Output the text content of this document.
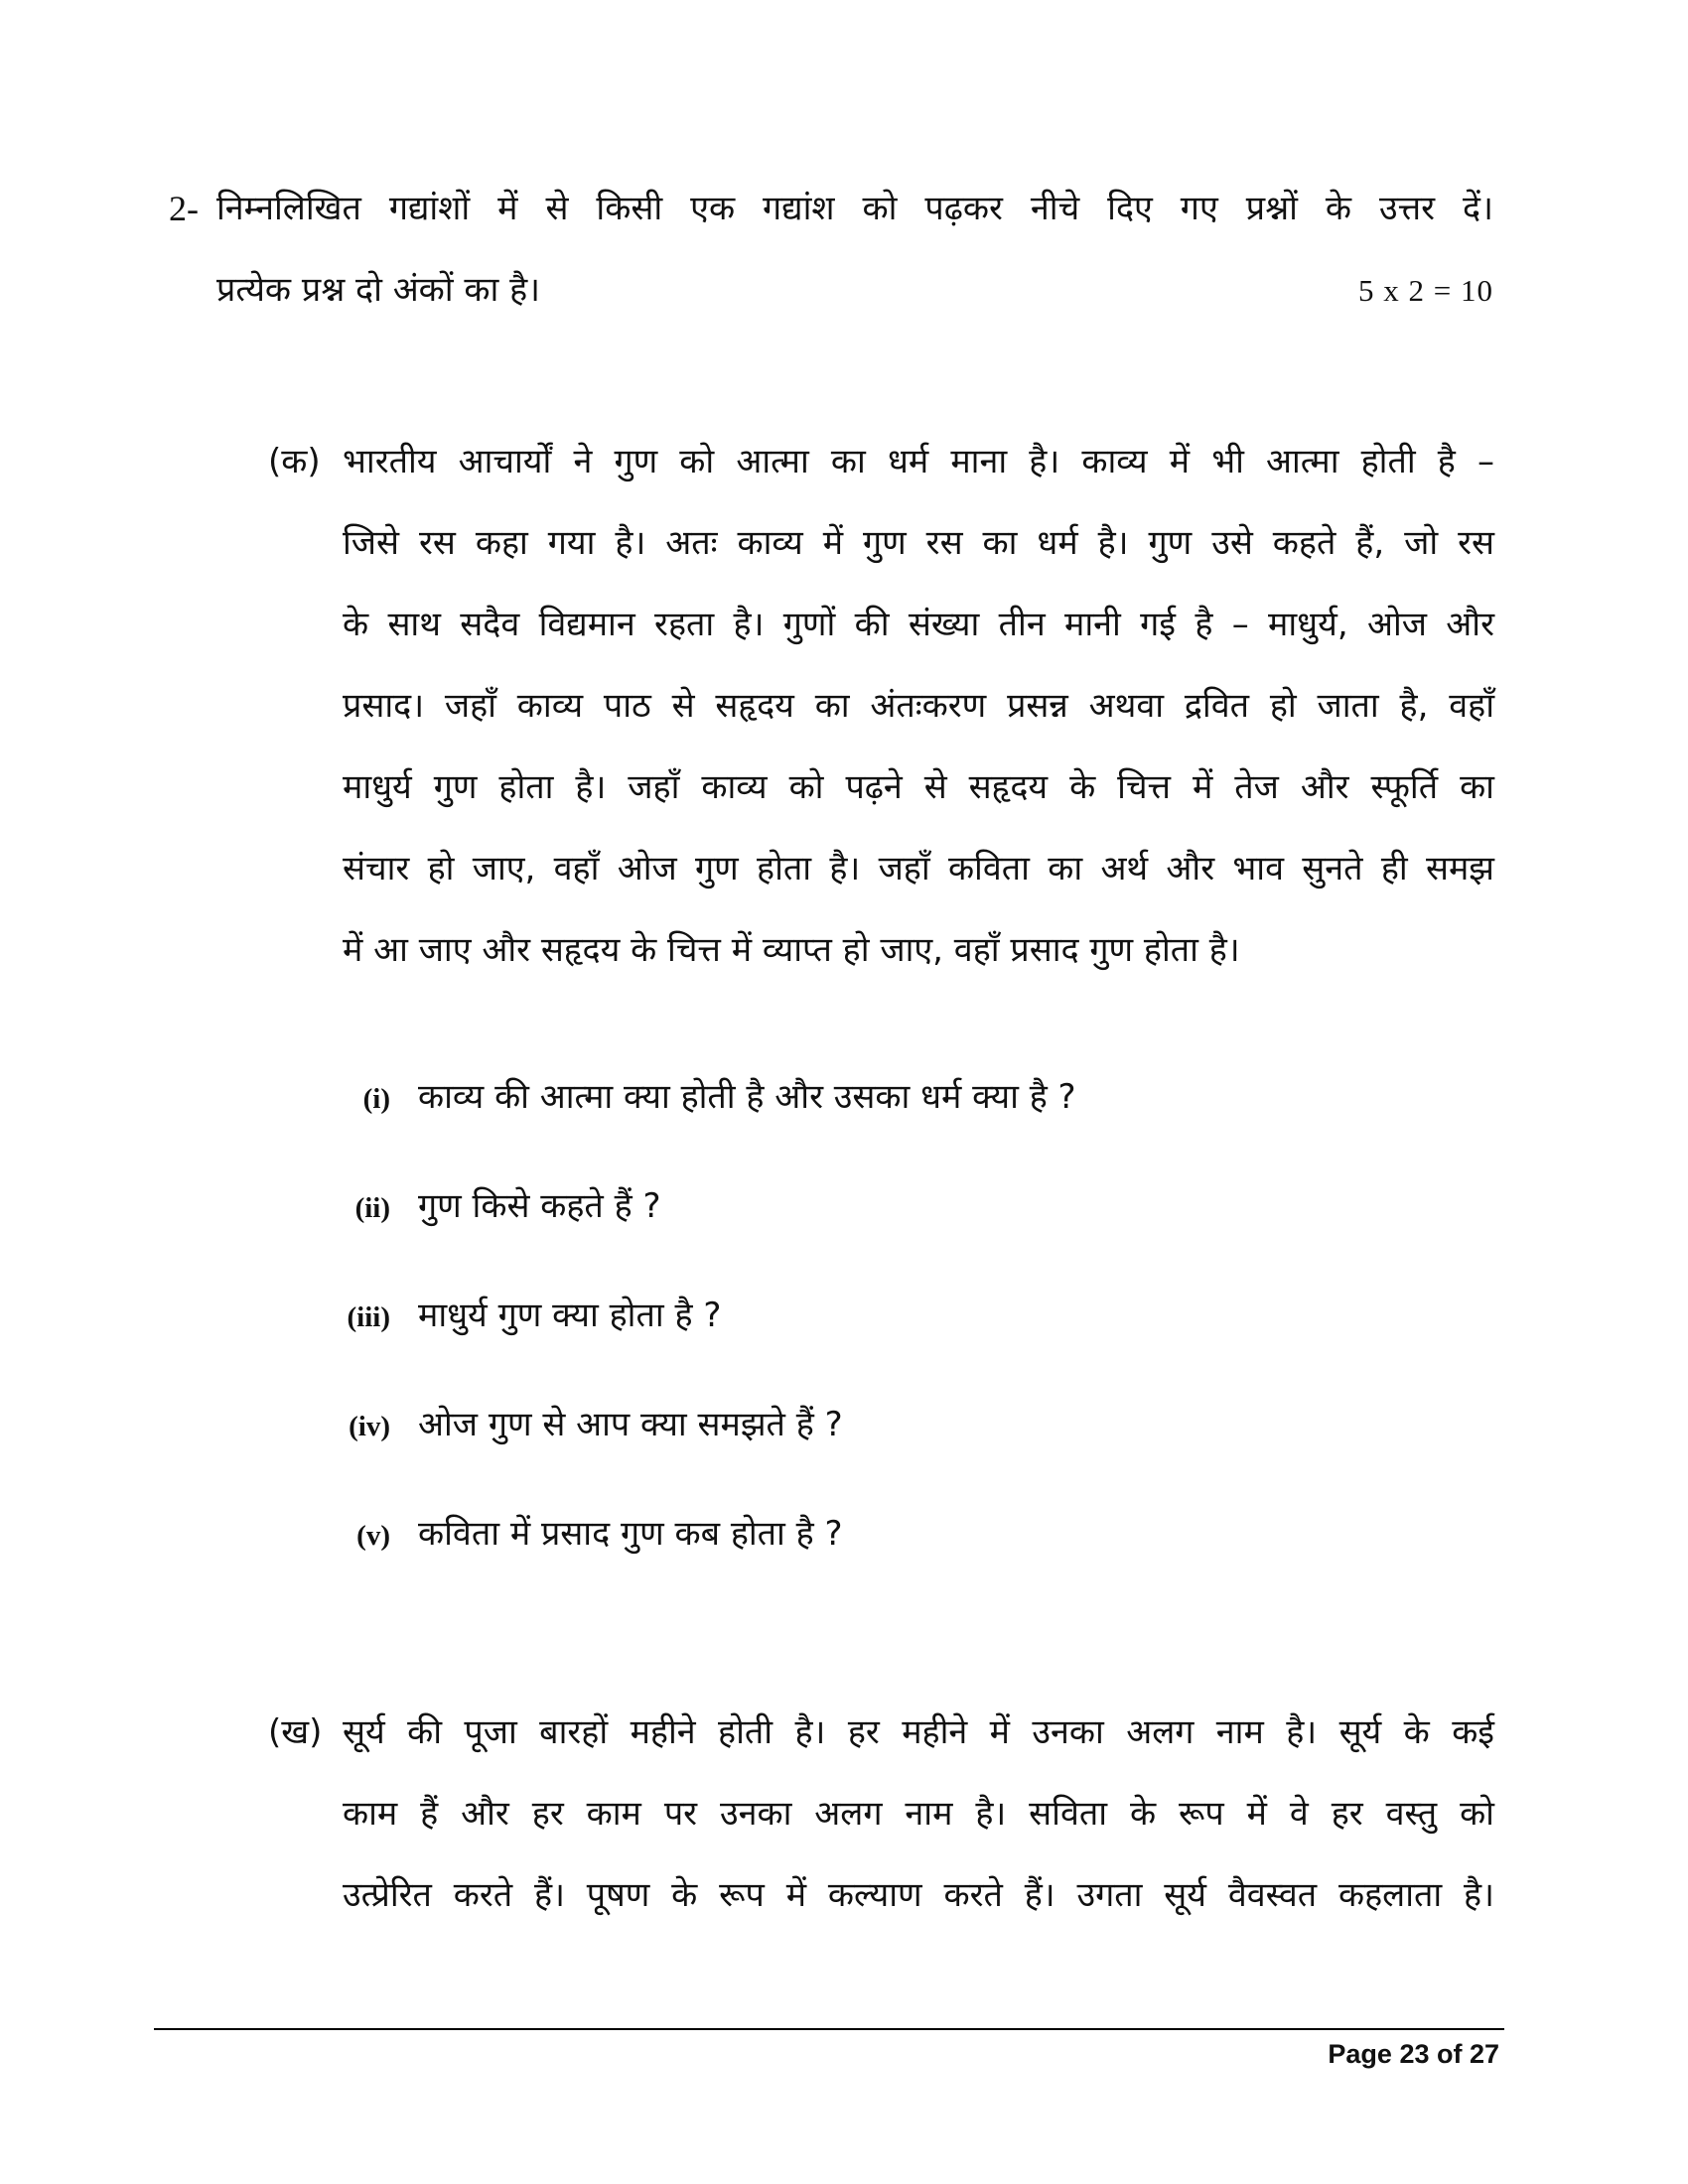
2- निम्नलिखित गद्यांशों में से किसी एक गद्यांश को पढ़कर नीचे दिए गए प्रश्नों के उत्तर दें।
प्रत्येक प्रश्न दो अंकों का है।	5 x 2 = 10
(क) भारतीय आचार्यों ने गुण को आत्मा का धर्म माना है। काव्य में भी आत्मा होती है –
जिसे रस कहा गया है। अतः काव्य में गुण रस का धर्म है। गुण उसे कहते हैं, जो रस
के साथ सदैव विद्यमान रहता है। गुणों की संख्या तीन मानी गई है – माधुर्य, ओज और
प्रसाद। जहाँ काव्य पाठ से सहृदय का अंतःकरण प्रसन्न अथवा द्रवित हो जाता है, वहाँ
माधुर्य गुण होता है। जहाँ काव्य को पढ़ने से सहृदय के चित्त में तेज और स्फूर्ति का
संचार हो जाए, वहाँ ओज गुण होता है। जहाँ कविता का अर्थ और भाव सुनते ही समझ
में आ जाए और सहृदय के चित्त में व्याप्त हो जाए, वहाँ प्रसाद गुण होता है।
(i) काव्य की आत्मा क्या होती है और उसका धर्म क्या है ?
(ii) गुण किसे कहते हैं ?
(iii) माधुर्य गुण क्या होता है ?
(iv) ओज गुण से आप क्या समझते हैं ?
(v) कविता में प्रसाद गुण कब होता है ?
(ख) सूर्य की पूजा बारहों महीने होती है। हर महीने में उनका अलग नाम है। सूर्य के कई
काम हैं और हर काम पर उनका अलग नाम है। सविता के रूप में वे हर वस्तु को
उत्प्रेरित करते हैं। पूषण के रूप में कल्याण करते हैं। उगता सूर्य वैवस्वत कहलाता है।
Page 23 of 27
